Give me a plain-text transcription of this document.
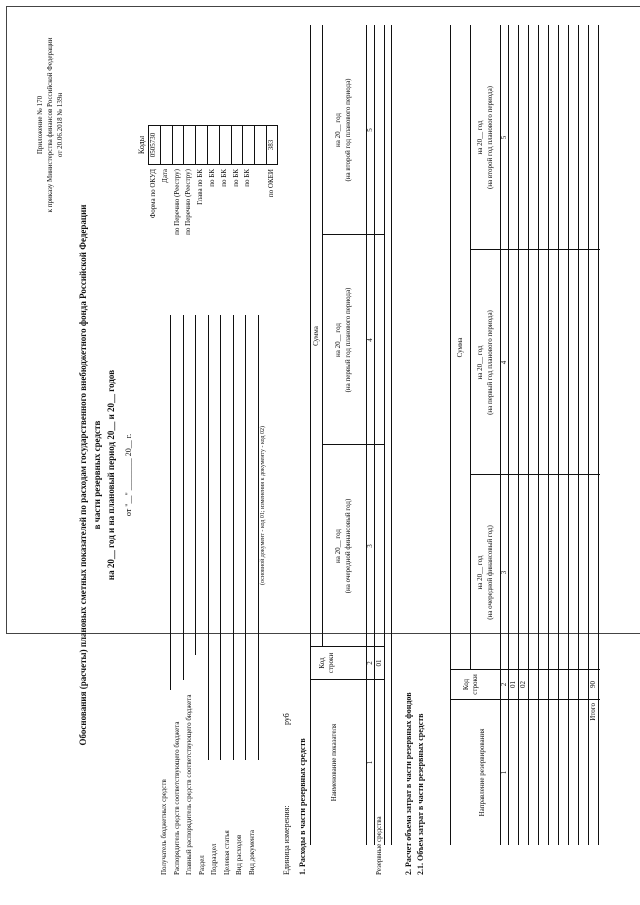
Приложение № 170 к приказу Министерства финансов Российской Федерации от 20.06.2018 № 139н
Обоснования (расчеты) плановых сметных показателей по расходам государственного внебюджетного фонда Российской Федерации в части резервных средств на 20__ год и на плановый период 20__ и 20__ годов от "__" ________ 20__ г.
Коды
Форма по ОКУД
0505730
Дата по Перечню (Реестру) по Перечню (Реестру) Глава по БК по БК по БК по БК по БК по ОКЕИ
383
Получатель бюджетных средств Распорядитель средств соответствующего бюджета Главный распорядитель средств соответствующего бюджета Раздел Подраздел Целевая статья Вид расходов Вид документа
(основной документ - код 01; изменения к документу - код 02)
Единица измерения:
руб
1. Расходы в части резервных средств	Наименование показателя
Код строки
Сумма
на 20__ год (на очередной финансовый год)
на 20__ год (на первый год планового периода)
на 20__ год (на второй год планового периода)
1
2
3
4
5
Резервные средства
01
2. Расчет объема затрат в части резервных фондов 2.1. Объем затрат в части резервных средств	Направление резервирования
Код строки
Сумма
на 20__ год (на очередной финансовый год)
на 20__ год (на первый год планового периода)
на 20__ год (на второй год планового периода)
1
2
3
4
5
01 02
Итого
90
